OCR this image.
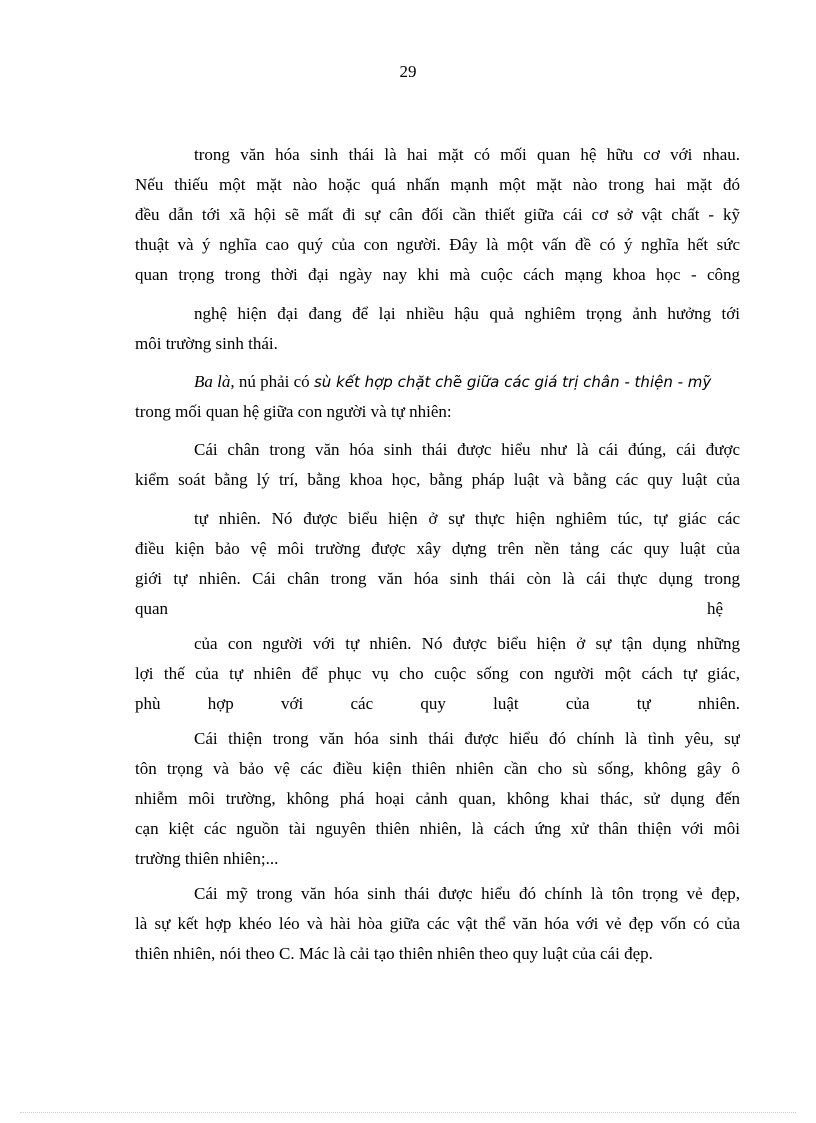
29
trong văn hóa sinh thái là hai mặt có mối quan hệ hữu cơ với nhau.
Nếu thiếu một mặt nào hoặc quá nhấn mạnh một mặt nào trong hai mặt đó
đều dẫn tới xã hội sẽ mất đi sự cân đối cần thiết giữa cái cơ sở vật chất - kỹ
thuật và ý nghĩa cao quý của con người. Đây là một vấn đề có ý nghĩa hết sức
quan trọng trong thời đại ngày nay khi mà cuộc cách mạng khoa học - công
nghệ hiện đại đang để lại nhiều hậu quả nghiêm trọng ảnh hưởng tới
môi trường sinh thái.
Ba là, nú phải có sù kết hợp chặt chẽ giữa các giá trị chân - thiện - mỹ
trong mối quan hệ giữa con người và tự nhiên:
Cái chân trong văn hóa sinh thái được hiểu như là cái đúng, cái được
kiểm soát bằng lý trí, bằng khoa học, bằng pháp luật và bằng các quy luật của
tự nhiên. Nó được biểu hiện ở sự thực hiện nghiêm túc, tự giác các
điều kiện bảo vệ môi trường được xây dựng trên nền tảng các quy luật của
giới tự nhiên. Cái chân trong văn hóa sinh thái còn là cái thực dụng trong
quan	hệ
của con người với tự nhiên. Nó được biểu hiện ở sự tận dụng những
lợi thế của tự nhiên để phục vụ cho cuộc sống con người một cách tự giác,
phù hợp với các quy luật của tự nhiên.
Cái thiện trong văn hóa sinh thái được hiểu đó chính là tình yêu, sự
tôn trọng và bảo vệ các điều kiện thiên nhiên cần cho sù sống, không gây ô
nhiễm môi trường, không phá hoại cảnh quan, không khai thác, sử dụng đến
cạn kiệt các nguồn tài nguyên thiên nhiên, là cách ứng xử thân thiện với môi
trường thiên nhiên;...
Cái mỹ trong văn hóa sinh thái được hiểu đó chính là tôn trọng vẻ đẹp,
là sự kết hợp khéo léo và hài hòa giữa các vật thể văn hóa với vẻ đẹp vốn có của
thiên nhiên, nói theo C. Mác là cải tạo thiên nhiên theo quy luật của cái đẹp.
